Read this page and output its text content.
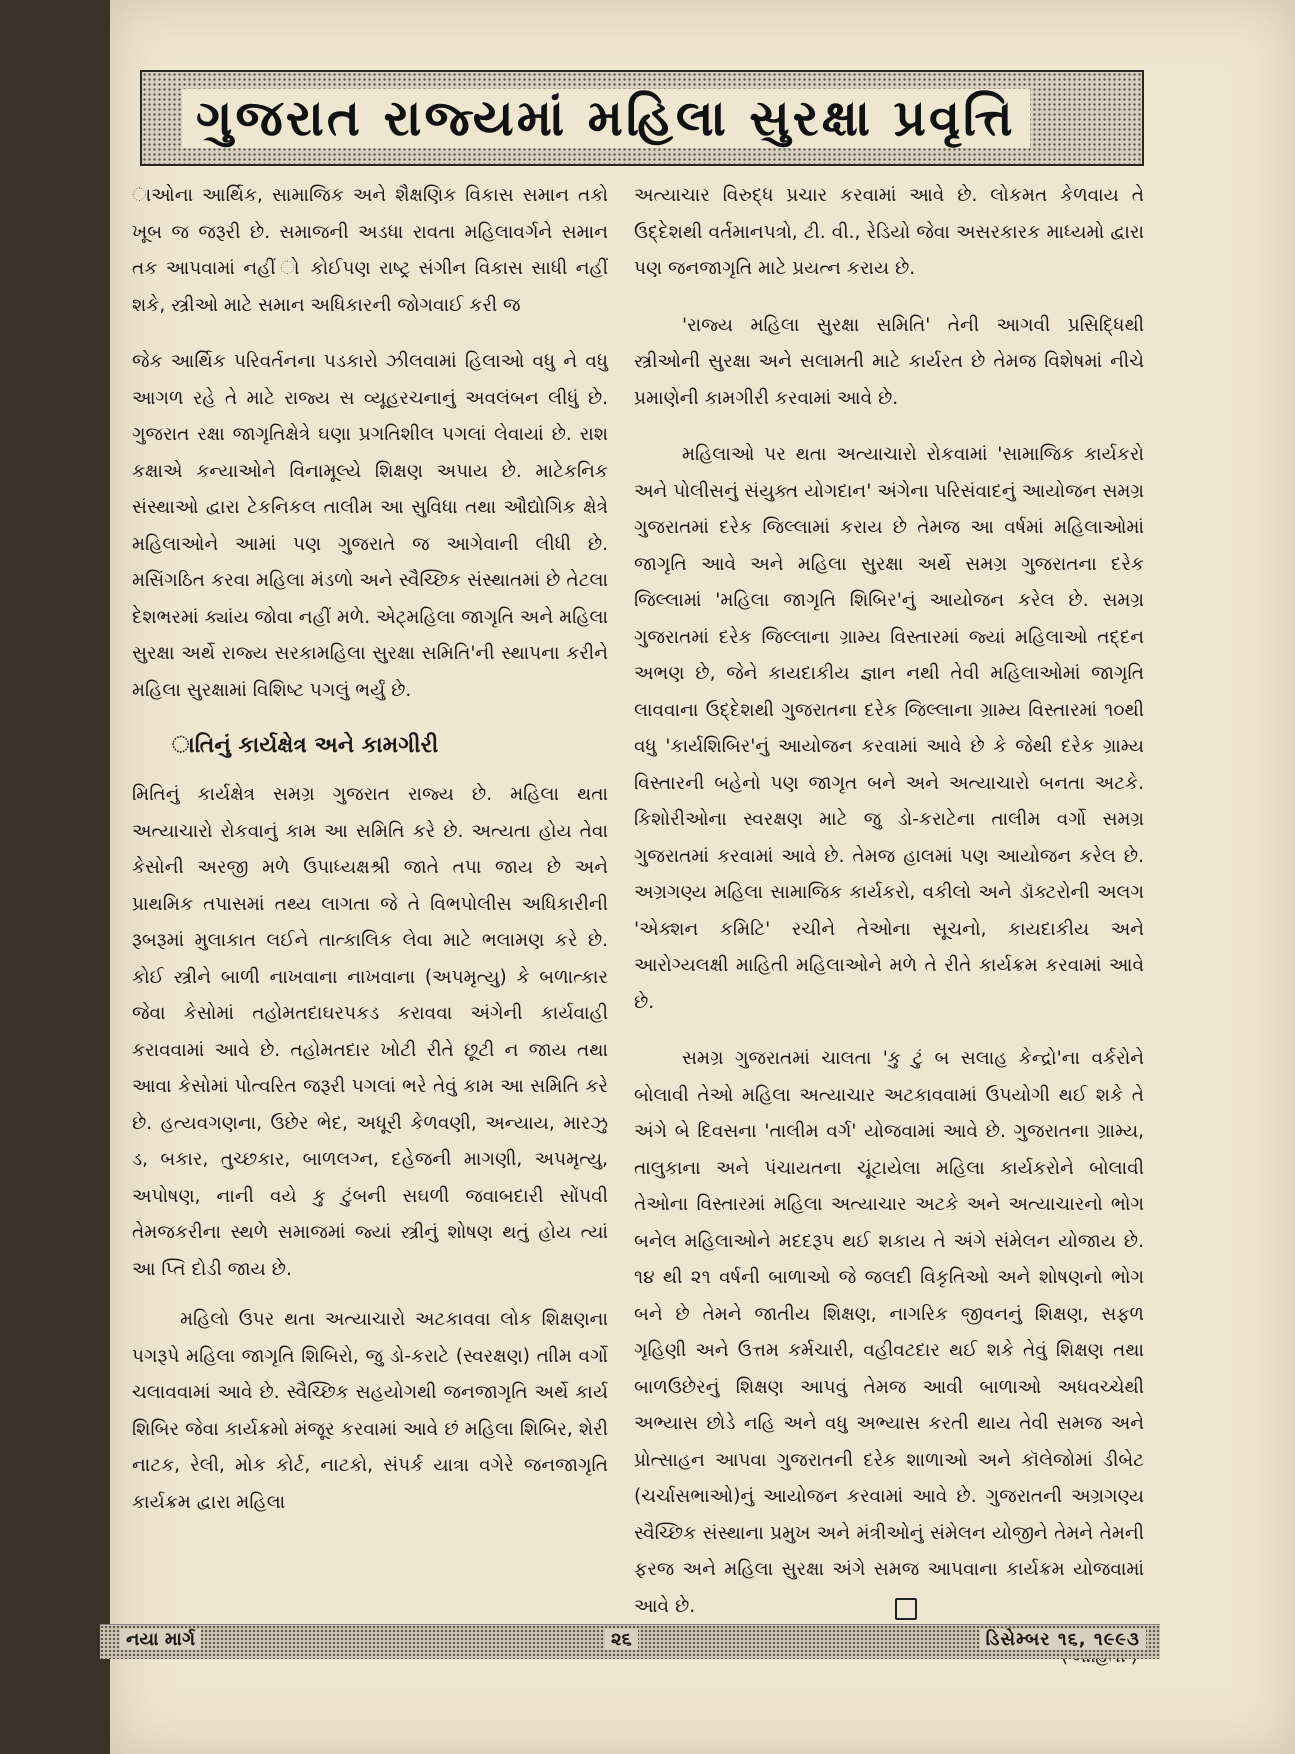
ગુજરાત રાજ્યમાં મહિલા સુરક્ષા પ્રવૃત્તિ

ાઓના આર્થિક, સામાજિક અને શૈક્ષણિક વિકાસ સમાન તકો ખૂબ જ જરૂરી છે. સમાજની અડધા રાવતા મહિલાવર્ગને સમાન તક આપવામાં નહીં ો કોઈપણ રાષ્ટ્ર સંગીન વિકાસ સાધી નહીં શકે, સ્ત્રીઓ માટે સમાન અધિકારની જોગવાઈ કરી જ

જેક આર્થિક પરિવર્તનના પડકારો ઝીલવામાં હિલાઓ વધુ ને વધુ આગળ રહે તે માટે રાજ્ય સ વ્યૂહરચનાનું અવલંબન લીધું છે. ગુજરાત રક્ષા જાગૃતિક્ષેત્રે ઘણા પ્રગતિશીલ પગલાં લેવાયાં છે. રાશ કક્ષાએ કન્યાઓને વિનામૂલ્યે શિક્ષણ અપાય છે. માટેકનિક સંસ્થાઓ દ્વારા ટેકનિકલ તાલીમ આ સુવિધા તથા ઔદ્યોગિક ક્ષેત્રે મહિલાઓને આમાં પણ ગુજરાતે જ આગેવાની લીધી છે. મસિંગઠિત કરવા મહિલા મંડળો અને સ્વૈચ્છિક સંસ્થાતમાં છે તેટલા દેશભરમાં ક્યાંય જોવા નહીં મળે. એટ્મહિલા જાગૃતિ અને મહિલા સુરક્ષા અર્થે રાજ્ય સરકામહિલા સુરક્ષા સમિતિ'ની સ્થાપના કરીને મહિલા સુરક્ષામાં વિશિષ્ટ પગલું ભર્યું છે.

ાતિનું કાર્યક્ષેત્ર અને કામગીરી

મિતિનું કાર્યક્ષેત્ર સમગ્ર ગુજરાત રાજ્ય છે. મહિલા થતા અત્યાચારો રોકવાનું કામ આ સમિતિ કરે છે. અત્યતા હોય તેવા કેસોની અરજી મળે ઉપાધ્યક્ષશ્રી જાતે તપા જાય છે અને પ્રાથમિક તપાસમાં તથ્ય લાગતા જે તે વિભપોલીસ અધિકારીની રૂબરૂમાં મુલાકાત લઈને તાત્કાલિક લેવા માટે ભલામણ કરે છે. કોઈ સ્ત્રીને બાળી નાખવાના નાખવાના (અપમૃત્યુ) કે બળાત્કાર જેવા કેસોમાં તહોમતદાઘરપકડ કરાવવા અંગેની કાર્યવાહી કરાવવામાં આવે છે. તહોમતદાર ખોટી રીતે છૂટી ન જાય તથા આવા કેસોમાં પોત્વરિત જરૂરી પગલાં ભરે તેવું કામ આ સમિતિ કરે છે. હત્યવગણના, ઉછેર ભેદ, અધૂરી કેળવણી, અન્યાય, મારઝુ ડ, બકાર, તુચ્છકાર, બાળલગ્ન, દહેજની માગણી, અપમૃત્યુ, અપોષણ, નાની વયે કુ ટુંબની સઘળી જવાબદારી સોંપવી તેમજકરીના સ્થળે સમાજમાં જ્યાં સ્ત્રીનું શોષણ થતું હોય ત્યાં આ પ્તિ દોડી જાય છે.

મહિલો ઉપર થતા અત્યાચારો અટકાવવા લોક શિક્ષણના પગરૂપે મહિલા જાગૃતિ શિબિરો, જુ ડો-કરાટે (સ્વરક્ષણ) તાીમ વર્ગો ચલાવવામાં આવે છે. સ્વૈચ્છિક સહયોગથી જનજાગૃતિ અર્થે કાર્ય શિબિર જેવા કાર્યક્રમો મંજૂર કરવામાં આવે છં મહિલા શિબિર, શેરી નાટક, રેલી, મોક કોર્ટ, નાટકો, સંપર્ક યાત્રા વગેરે જનજાગૃતિ કાર્યક્રમ દ્વારા મહિલા

અત્યાચાર વિરુદ્ધ પ્રચાર કરવામાં આવે છે. લોકમત કેળવાય તે ઉદ્દેશથી વર્તમાનપત્રો, ટી. વી., રેડિયો જેવા અસરકારક માધ્યમો દ્વારા પણ જનજાગૃતિ માટે પ્રયત્ન કરાય છે.

'રાજ્ય મહિલા સુરક્ષા સમિતિ' તેની આગવી પ્રસિદ્ધિથી સ્ત્રીઓની સુરક્ષા અને સલામતી માટે કાર્યરત છે તેમજ વિશેષમાં નીચે પ્રમાણેની કામગીરી કરવામાં આવે છે.

મહિલાઓ પર થતા અત્યાચારો રોકવામાં 'સામાજિક કાર્યકરો અને પોલીસનું સંયુક્ત યોગદાન' અંગેના પરિસંવાદનું આયોજન સમગ્ર ગુજરાતમાં દરેક જિલ્લામાં કરાય છે તેમજ આ વર્ષમાં મહિલાઓમાં જાગૃતિ આવે અને મહિલા સુરક્ષા અર્થે સમગ્ર ગુજરાતના દરેક જિલ્લામાં 'મહિલા જાગૃતિ શિબિર'નું આયોજન કરેલ છે. સમગ્ર ગુજરાતમાં દરેક જિલ્લાના ગ્રામ્ય વિસ્તારમાં જ્યાં મહિલાઓ તદ્દન અભણ છે, જેને કાયદાકીય જ્ઞાન નથી તેવી મહિલાઓમાં જાગૃતિ લાવવાના ઉદ્દેશથી ગુજરાતના દરેક જિલ્લાના ગ્રામ્ય વિસ્તારમાં ૧૦થી વધુ 'કાર્યશિબિર'નું આયોજન કરવામાં આવે છે કે જેથી દરેક ગ્રામ્ય વિસ્તારની બહેનો પણ જાગૃત બને અને અત્યાચારો બનતા અટકે. કિશોરીઓના સ્વરક્ષણ માટે જુ ડો-કરાટેના તાલીમ વર્ગો સમગ્ર ગુજરાતમાં કરવામાં આવે છે. તેમજ હાલમાં પણ આયોજન કરેલ છે. અગ્રગણ્ય મહિલા સામાજિક કાર્યકરો, વકીલો અને ડૉક્ટરોની અલગ 'એક્શન કમિટિ' રચીને તેઓના સૂચનો, કાયદાકીય અને આરોગ્યલક્ષી માહિતી મહિલાઓને મળે તે રીતે કાર્યક્રમ કરવામાં આવે છે.

સમગ્ર ગુજરાતમાં ચાલતા 'કુ ટું બ સલાહ કેન્દ્રો'ના વર્કરોને બોલાવી તેઓ મહિલા અત્યાચાર અટકાવવામાં ઉપયોગી થઈ શકે તે અંગે બે દિવસના 'તાલીમ વર્ગ' યોજવામાં આવે છે. ગુજરાતના ગ્રામ્ય, તાલુકાના અને પંચાયતના ચૂંટાયેલા મહિલા કાર્યકરોને બોલાવી તેઓના વિસ્તારમાં મહિલા અત્યાચાર અટકે અને અત્યાચારનો ભોગ બનેલ મહિલાઓને મદદરૂપ થઈ શકાય તે અંગે સંમેલન યોજાય છે. ૧૪ થી ૨૧ વર્ષની બાળાઓ જે જલદી વિકૃતિઓ અને શોષણનો ભોગ બને છે તેમને જાતીય શિક્ષણ, નાગરિક જીવનનું શિક્ષણ, સફળ ગૃહિણી અને ઉત્તમ કર્મચારી, વહીવટદાર થઈ શકે તેવું શિક્ષણ તથા બાળઉછેરનું શિક્ષણ આપવું તેમજ આવી બાળાઓ અધવચ્ચેથી અભ્યાસ છોડે નહિ અને વધુ અભ્યાસ કરતી થાય તેવી સમજ અને પ્રોત્સાહન આપવા ગુજરાતની દરેક શાળાઓ અને કૉલેજોમાં ડીબેટ (ચર્ચાસભાઓ)નું આયોજન કરવામાં આવે છે. ગુજરાતની અગ્રગણ્ય સ્વૈચ્છિક સંસ્થાના પ્રમુખ અને મંત્રીઓનું સંમેલન યોજીને તેમને તેમની ફરજ અને મહિલા સુરક્ષા અંગે સમજ આપવાના કાર્યક્રમ યોજવામાં આવે છે.

નયા માર્ગ	૨૬	ડિસેમ્બર ૧૬, ૧૯૯૩
